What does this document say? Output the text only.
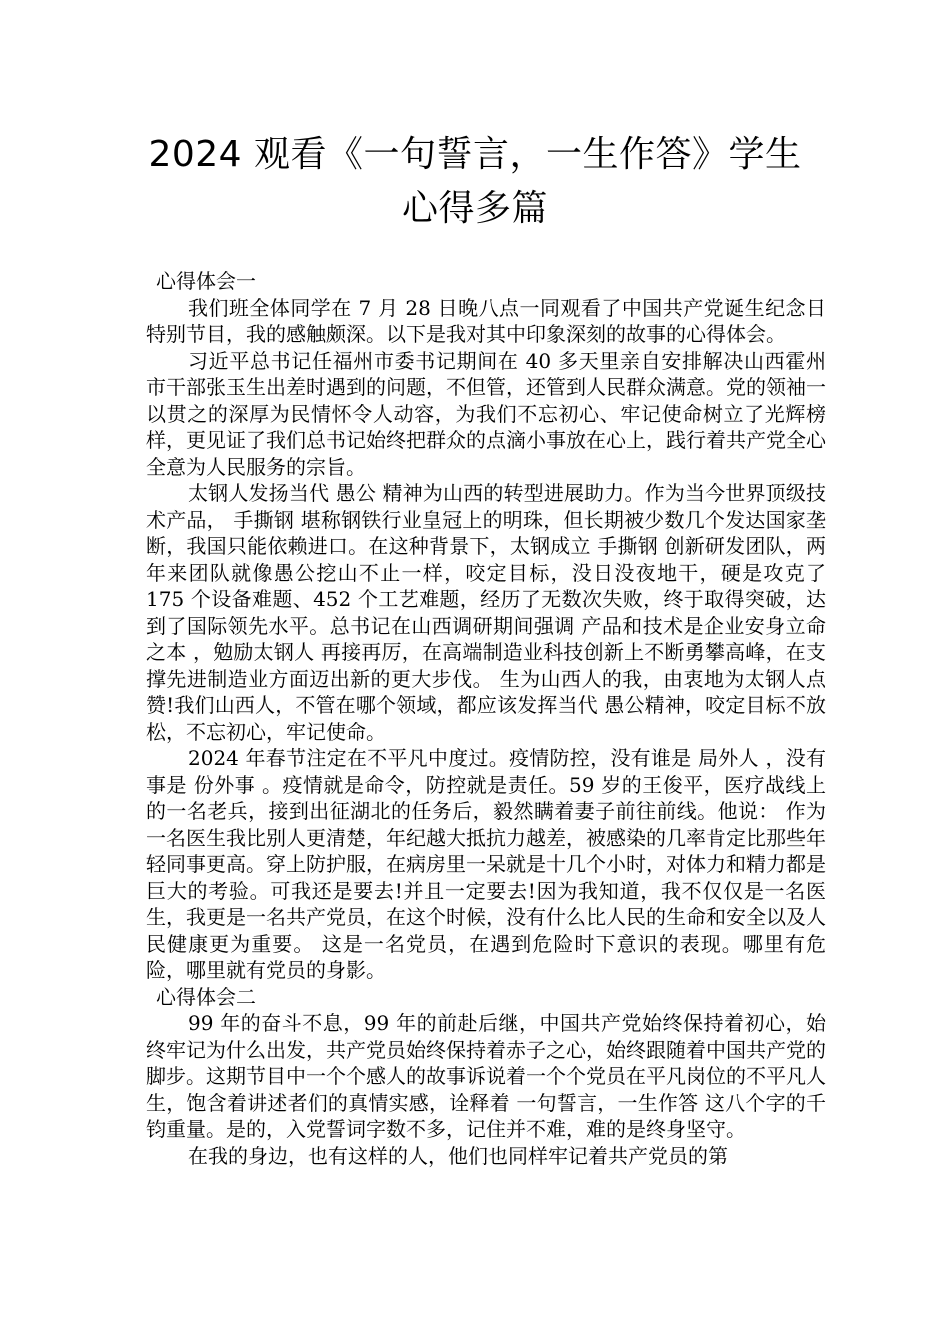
2024 观看《一句誓言，一生作答》学生
心得多篇

心得体会一

我们班全体同学在 7 月 28 日晚八点一同观看了中国共产党诞生纪念日特别节目，我的感触颇深。以下是我对其中印象深刻的故事的心得体会。

习近平总书记任福州市委书记期间在 40 多天里亲自安排解决山西霍州市干部张玉生出差时遇到的问题，不但管，还管到人民群众满意。党的领袖一以贯之的深厚为民情怀令人动容，为我们不忘初心、牢记使命树立了光辉榜样，更见证了我们总书记始终把群众的点滴小事放在心上，践行着共产党全心全意为人民服务的宗旨。

太钢人发扬当代 愚公 精神为山西的转型进展助力。作为当今世界顶级技术产品， 手撕钢 堪称钢铁行业皇冠上的明珠，但长期被少数几个发达国家垄断，我国只能依赖进口。在这种背景下，太钢成立 手撕钢 创新研发团队，两年来团队就像愚公挖山不止一样，咬定目标，没日没夜地干，硬是攻克了 175 个设备难题、452 个工艺难题，经历了无数次失败，终于取得突破，达到了国际领先水平。总书记在山西调研期间强调 产品和技术是企业安身立命之本 ，勉励太钢人 再接再厉，在高端制造业科技创新上不断勇攀高峰，在支撑先进制造业方面迈出新的更大步伐。 生为山西人的我，由衷地为太钢人点赞!我们山西人，不管在哪个领域，都应该发挥当代 愚公精神，咬定目标不放松，不忘初心，牢记使命。

2024 年春节注定在不平凡中度过。疫情防控，没有谁是 局外人 ，没有事是 份外事 。疫情就是命令，防控就是责任。59 岁的王俊平，医疗战线上的一名老兵，接到出征湖北的任务后，毅然瞒着妻子前往前线。他说： 作为一名医生我比别人更清楚，年纪越大抵抗力越差，被感染的几率肯定比那些年轻同事更高。穿上防护服，在病房里一呆就是十几个小时，对体力和精力都是巨大的考验。可我还是要去!并且一定要去!因为我知道，我不仅仅是一名医生，我更是一名共产党员，在这个时候，没有什么比人民的生命和安全以及人民健康更为重要。 这是一名党员，在遇到危险时下意识的表现。哪里有危险，哪里就有党员的身影。

心得体会二

99 年的奋斗不息，99 年的前赴后继，中国共产党始终保持着初心，始终牢记为什么出发，共产党员始终保持着赤子之心，始终跟随着中国共产党的脚步。这期节目中一个个感人的故事诉说着一个个党员在平凡岗位的不平凡人生，饱含着讲述者们的真情实感，诠释着 一句誓言，一生作答 这八个字的千钧重量。是的，入党誓词字数不多，记住并不难，难的是终身坚守。

在我的身边，也有这样的人，他们也同样牢记着共产党员的第
